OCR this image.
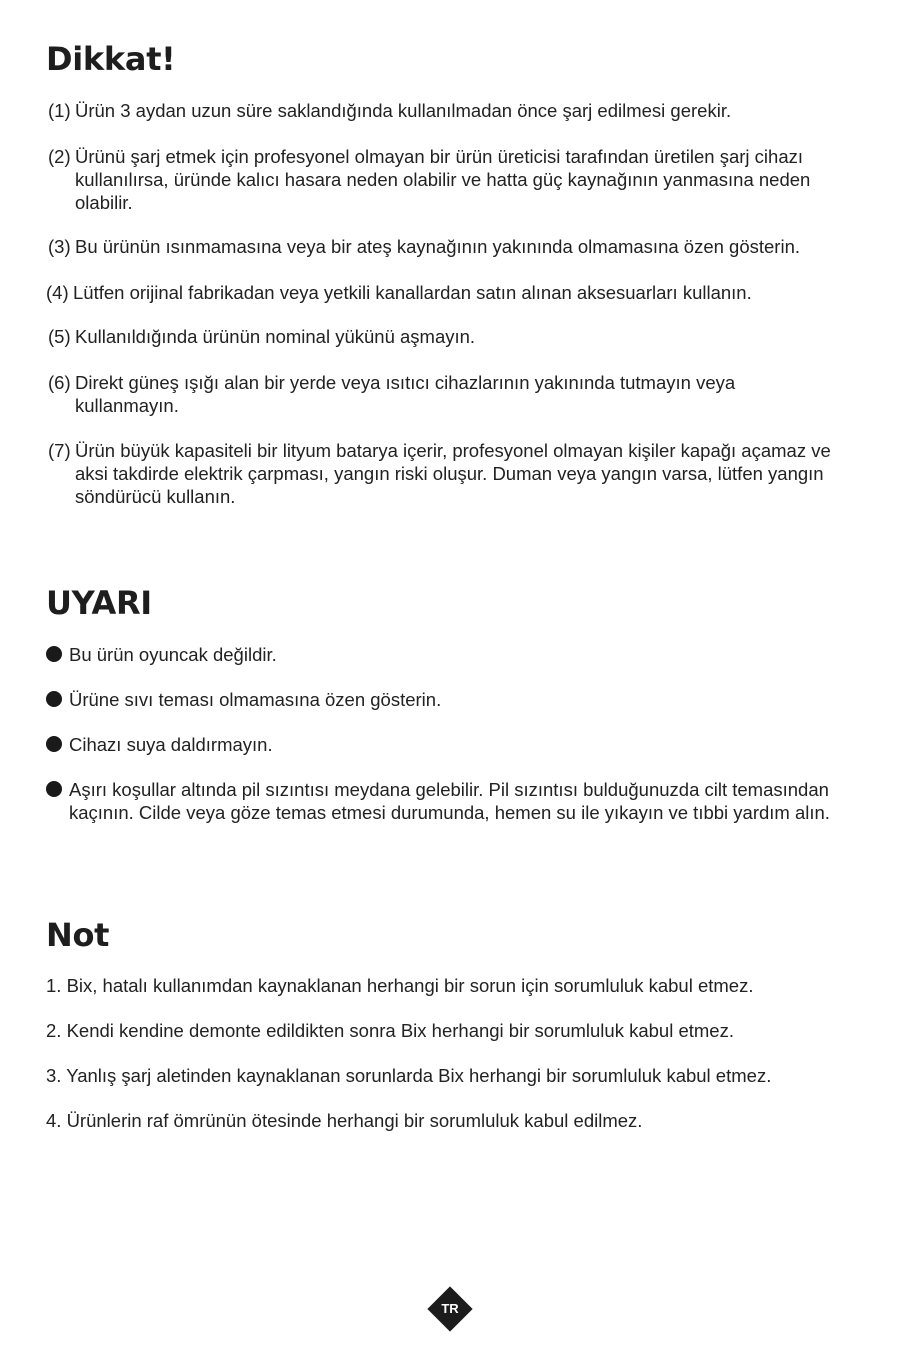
Dikkat!
(1) Ürün 3 aydan uzun süre saklandığında kullanılmadan önce şarj edilmesi gerekir.
(2) Ürünü şarj etmek için profesyonel olmayan bir ürün üreticisi tarafından üretilen şarj cihazı kullanılırsa, üründe kalıcı hasara neden olabilir ve hatta güç kaynağının yanmasına neden olabilir.
(3) Bu ürünün ısınmamasına veya bir ateş kaynağının yakınında olmamasına özen gösterin.
(4) Lütfen orijinal fabrikadan veya yetkili kanallardan satın alınan aksesuarları kullanın.
(5) Kullanıldığında ürünün nominal yükünü aşmayın.
(6) Direkt güneş ışığı alan bir yerde veya ısıtıcı cihazlarının yakınında tutmayın veya kullanmayın.
(7) Ürün büyük kapasiteli bir lityum batarya içerir, profesyonel olmayan kişiler kapağı açamaz ve aksi takdirde elektrik çarpması, yangın riski oluşur. Duman veya yangın varsa, lütfen yangın söndürücü kullanın.
UYARI
Bu ürün oyuncak değildir.
Ürüne sıvı teması olmamasına özen gösterin.
Cihazı suya daldırmayın.
Aşırı koşullar altında pil sızıntısı meydana gelebilir. Pil sızıntısı bulduğunuzda cilt temasından kaçının. Cilde veya göze temas etmesi durumunda, hemen su ile yıkayın ve tıbbi yardım alın.
Not
1. Bix, hatalı kullanımdan kaynaklanan herhangi bir sorun için sorumluluk kabul etmez.
2. Kendi kendine demonte edildikten sonra Bix herhangi bir sorumluluk kabul etmez.
3. Yanlış şarj aletinden kaynaklanan sorunlarda Bix herhangi bir sorumluluk kabul etmez.
4. Ürünlerin raf ömrünün ötesinde herhangi bir sorumluluk kabul edilmez.
TR
